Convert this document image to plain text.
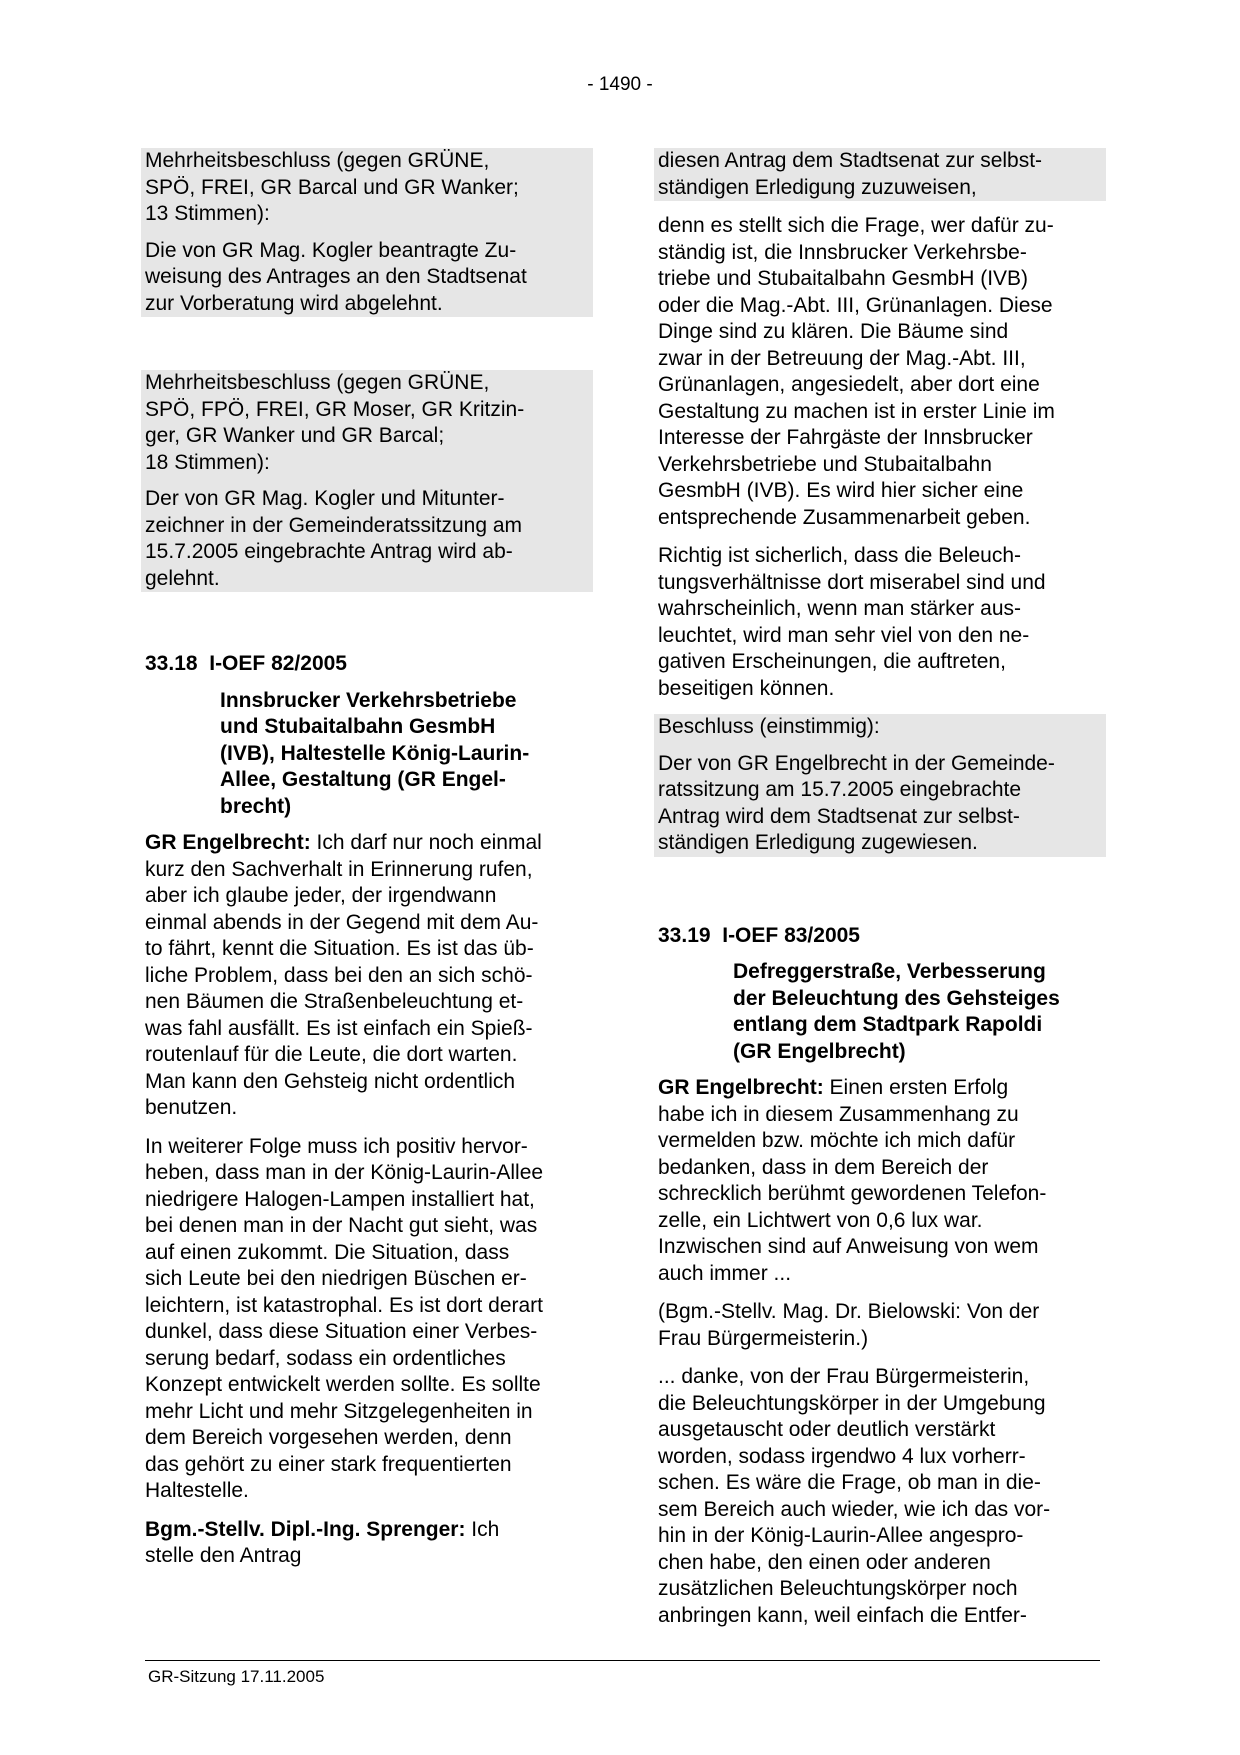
- 1490 -
Mehrheitsbeschluss (gegen GRÜNE,
SPÖ, FREI, GR Barcal und GR Wanker;
13 Stimmen):
Die von GR Mag. Kogler beantragte Zu-
weisung des Antrages an den Stadtsenat
zur Vorberatung wird abgelehnt.
Mehrheitsbeschluss (gegen GRÜNE,
SPÖ, FPÖ, FREI, GR Moser, GR Kritzin-
ger, GR Wanker und GR Barcal;
18 Stimmen):
Der von GR Mag. Kogler und Mitunter-
zeichner in der Gemeinderatssitzung am
15.7.2005 eingebrachte Antrag wird ab-
gelehnt.
33.18 I-OEF 82/2005
Innsbrucker Verkehrsbetriebe
und Stubaitalbahn GesmbH
(IVB), Haltestelle König-Laurin-
Allee, Gestaltung (GR Engel-
brecht)
GR Engelbrecht: Ich darf nur noch einmal
kurz den Sachverhalt in Erinnerung rufen,
aber ich glaube jeder, der irgendwann
einmal abends in der Gegend mit dem Au-
to fährt, kennt die Situation. Es ist das üb-
liche Problem, dass bei den an sich schö-
nen Bäumen die Straßenbeleuchtung et-
was fahl ausfällt. Es ist einfach ein Spieß-
routenlauf für die Leute, die dort warten.
Man kann den Gehsteig nicht ordentlich
benutzen.
In weiterer Folge muss ich positiv hervor-
heben, dass man in der König-Laurin-Allee
niedrigere Halogen-Lampen installiert hat,
bei denen man in der Nacht gut sieht, was
auf einen zukommt. Die Situation, dass
sich Leute bei den niedrigen Büschen er-
leichtern, ist katastrophal. Es ist dort derart
dunkel, dass diese Situation einer Verbes-
serung bedarf, sodass ein ordentliches
Konzept entwickelt werden sollte. Es sollte
mehr Licht und mehr Sitzgelegenheiten in
dem Bereich vorgesehen werden, denn
das gehört zu einer stark frequentierten
Haltestelle.
Bgm.-Stellv. Dipl.-Ing. Sprenger: Ich
stelle den Antrag
diesen Antrag dem Stadtsenat zur selbst-
ständigen Erledigung zuzuweisen,
denn es stellt sich die Frage, wer dafür zu-
ständig ist, die Innsbrucker Verkehrsbe-
triebe und Stubaitalbahn GesmbH (IVB)
oder die Mag.-Abt. III, Grünanlagen. Diese
Dinge sind zu klären. Die Bäume sind
zwar in der Betreuung der Mag.-Abt. III,
Grünanlagen, angesiedelt, aber dort eine
Gestaltung zu machen ist in erster Linie im
Interesse der Fahrgäste der Innsbrucker
Verkehrsbetriebe und Stubaitalbahn
GesmbH (IVB). Es wird hier sicher eine
entsprechende Zusammenarbeit geben.
Richtig ist sicherlich, dass die Beleuch-
tungsverhältnisse dort miserabel sind und
wahrscheinlich, wenn man stärker aus-
leuchtet, wird man sehr viel von den ne-
gativen Erscheinungen, die auftreten,
beseitigen können.
Beschluss (einstimmig):
Der von GR Engelbrecht in der Gemeinde-
ratssitzung am 15.7.2005 eingebrachte
Antrag wird dem Stadtsenat zur selbst-
ständigen Erledigung zugewiesen.
33.19 I-OEF 83/2005
Defreggerstraße, Verbesserung
der Beleuchtung des Gehsteiges
entlang dem Stadtpark Rapoldi
(GR Engelbrecht)
GR Engelbrecht: Einen ersten Erfolg
habe ich in diesem Zusammenhang zu
vermelden bzw. möchte ich mich dafür
bedanken, dass in dem Bereich der
schrecklich berühmt gewordenen Telefon-
zelle, ein Lichtwert von 0,6 lux war.
Inzwischen sind auf Anweisung von wem
auch immer ...
(Bgm.-Stellv. Mag. Dr. Bielowski: Von der
Frau Bürgermeisterin.)
... danke, von der Frau Bürgermeisterin,
die Beleuchtungskörper in der Umgebung
ausgetauscht oder deutlich verstärkt
worden, sodass irgendwo 4 lux vorherr-
schen. Es wäre die Frage, ob man in die-
sem Bereich auch wieder, wie ich das vor-
hin in der König-Laurin-Allee angespro-
chen habe, den einen oder anderen
zusätzlichen Beleuchtungskörper noch
anbringen kann, weil einfach die Entfer-
GR-Sitzung 17.11.2005
